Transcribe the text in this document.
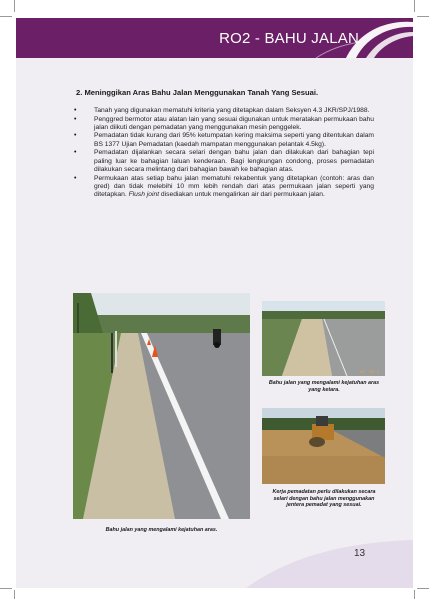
RO2 - BAHU JALAN
2. Meninggikan Aras Bahu Jalan Menggunakan Tanah Yang Sesuai.
• Tanah yang digunakan mematuhi kriteria yang ditetapkan dalam Seksyen 4.3 JKR/SPJ/1988.
• Penggred bermotor atau alatan lain yang sesuai digunakan untuk meratakan permukaan bahu jalan diikuti dengan pemadatan yang menggunakan mesin penggelek.
• Pemadatan tidak kurang dari 95% ketumpatan kering maksima seperti yang ditentukan dalam BS 1377 Ujian Pemadatan (kaedah mampatan menggunakan pelantak 4.5kg).
• Pemadatan dijalankan secara selari dengan bahu jalan dan dilakukan dari bahagian tepi paling luar ke bahagian laluan kenderaan. Bagi lengkungan condong, proses pemadatan dilakukan secara melintang dari bahagian bawah ke bahagian atas.
• Permukaan atas setiap bahu jalan mematuhi rekabentuk yang ditetapkan (contoh: aras dan gred) dan tidak melebihi 10 mm lebih rendah dari atas permukaan jalan seperti yang ditetapkan. Flush joint disediakan untuk mengalirkan air dari permukaan jalan.
Bahu jalan yang mengalami kejatuhan aras.
09 '03 2
Bahu jalan yang mengalami kejatuhan aras yang ketara.
Kerja pemadatan perlu dilakukan secara selari dengan bahu jalan menggunakan jentera pemadat yang sesuai.
13
